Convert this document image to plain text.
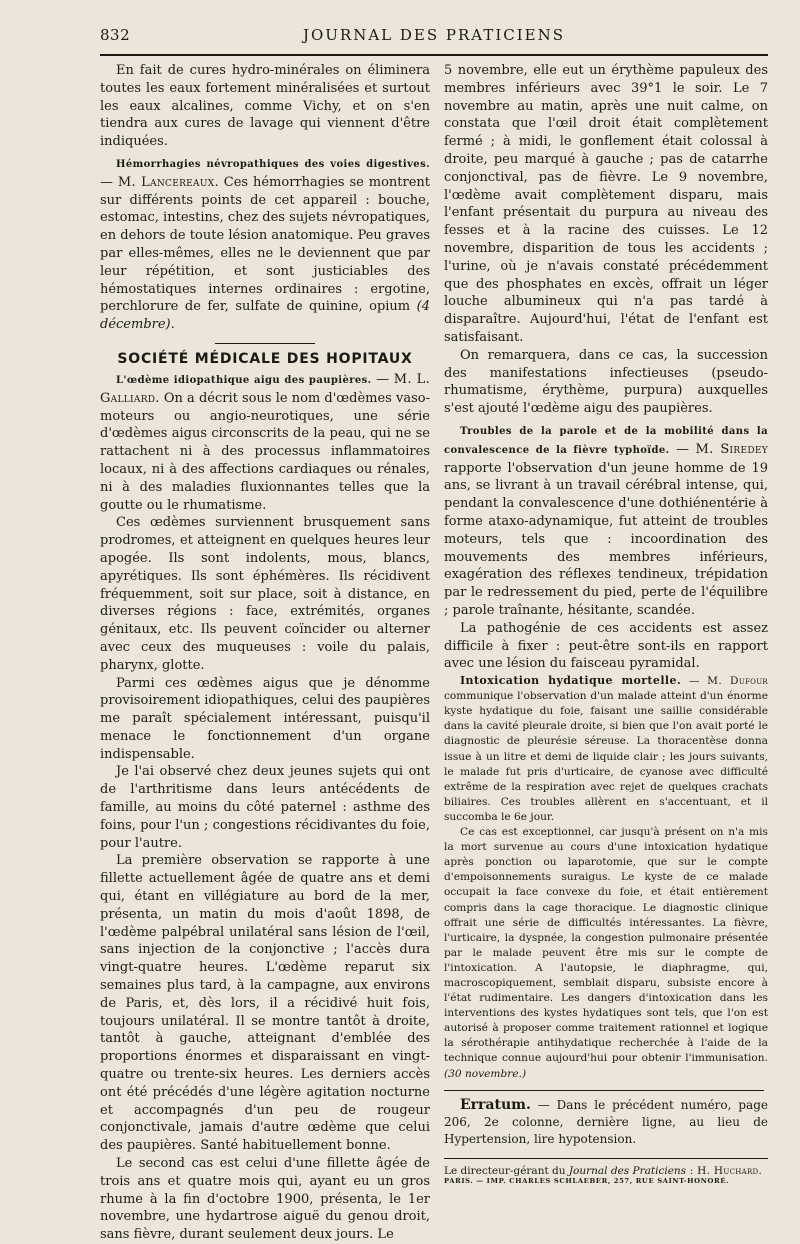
832	JOURNAL DES PRATICIENS

En fait de cures hydro-minérales on éliminera toutes les eaux fortement minéralisées et surtout les eaux alcalines, comme Vichy, et on s'en tiendra aux cures de lavage qui viennent d'être indiquées.

Hémorrhagies névropathiques des voies digestives. — M. Lancereaux. Ces hémorrhagies se montrent sur différents points de cet appareil : bouche, estomac, intestins, chez des sujets névropatiques, en dehors de toute lésion anatomique. Peu graves par elles-mêmes, elles ne le deviennent que par leur répétition, et sont justiciables des hémostatiques internes ordinaires : ergotine, perchlorure de fer, sulfate de quinine, opium (4 décembre).

SOCIÉTÉ MÉDICALE DES HOPITAUX

L'œdème idiopathique aigu des paupières. — M. L. Galliard. On a décrit sous le nom d'œdèmes vaso-moteurs ou angio-neurotiques, une série d'œdèmes aigus circonscrits de la peau, qui ne se rattachent ni à des processus inflammatoires locaux, ni à des affections cardiaques ou rénales, ni à des maladies fluxionnantes telles que la goutte ou le rhumatisme.

Ces œdèmes surviennent brusquement sans prodromes, et atteignent en quelques heures leur apogée. Ils sont indolents, mous, blancs, apyrétiques. Ils sont éphémères. Ils récidivent fréquemment, soit sur place, soit à distance, en diverses régions : face, extrémités, organes génitaux, etc. Ils peuvent coïncider ou alterner avec ceux des muqueuses : voile du palais, pharynx, glotte.

Parmi ces œdèmes aigus que je dénomme provisoirement idiopathiques, celui des paupières me paraît spécialement intéressant, puisqu'il menace le fonctionnement d'un organe indispensable.

Je l'ai observé chez deux jeunes sujets qui ont de l'arthritisme dans leurs antécédents de famille, au moins du côté paternel : asthme des foins, pour l'un ; congestions récidivantes du foie, pour l'autre.

La première observation se rapporte à une fillette actuellement âgée de quatre ans et demi qui, étant en villégiature au bord de la mer, présenta, un matin du mois d'août 1898, de l'œdème palpébral unilatéral sans lésion de l'œil, sans injection de la conjonctive ; l'accès dura vingt-quatre heures. L'œdème reparut six semaines plus tard, à la campagne, aux environs de Paris, et, dès lors, il a récidivé huit fois, toujours unilatéral. Il se montre tantôt à droite, tantôt à gauche, atteignant d'emblée des proportions énormes et disparaissant en vingt-quatre ou trente-six heures. Les derniers accès ont été précédés d'une légère agitation nocturne et accompagnés d'un peu de rougeur conjonctivale, jamais d'autre œdème que celui des paupières. Santé habituellement bonne.

Le second cas est celui d'une fillette âgée de trois ans et quatre mois qui, ayant eu un gros rhume à la fin d'octobre 1900, présenta, le 1er novembre, une hydartrose aiguë du genou droit, sans fièvre, durant seulement deux jours. Le

5 novembre, elle eut un érythème papuleux des membres inférieurs avec 39°1 le soir. Le 7 novembre au matin, après une nuit calme, on constata que l'œil droit était complètement fermé ; à midi, le gonflement était colossal à droite, peu marqué à gauche ; pas de catarrhe conjonctival, pas de fièvre. Le 9 novembre, l'œdème avait complètement disparu, mais l'enfant présentait du purpura au niveau des fesses et à la racine des cuisses. Le 12 novembre, disparition de tous les accidents ; l'urine, où je n'avais constaté précédemment que des phosphates en excès, offrait un léger louche albumineux qui n'a pas tardé à disparaître. Aujourd'hui, l'état de l'enfant est satisfaisant.

On remarquera, dans ce cas, la succession des manifestations infectieuses (pseudo-rhumatisme, érythème, purpura) auxquelles s'est ajouté l'œdème aigu des paupières.

Troubles de la parole et de la mobilité dans la convalescence de la fièvre typhoïde. — M. Siredey rapporte l'observation d'un jeune homme de 19 ans, se livrant à un travail cérébral intense, qui, pendant la convalescence d'une dothiénentérie à forme ataxo-adynamique, fut atteint de troubles moteurs, tels que : incoordination des mouvements des membres inférieurs, exagération des réflexes tendineux, trépidation par le redressement du pied, perte de l'équilibre ; parole traînante, hésitante, scandée.

La pathogénie de ces accidents est assez difficile à fixer : peut-être sont-ils en rapport avec une lésion du faisceau pyramidal.

Intoxication hydatique mortelle. — M. Dufour communique l'observation d'un malade atteint d'un énorme kyste hydatique du foie, faisant une saillie considérable dans la cavité pleurale droite, si bien que l'on avait porté le diagnostic de pleurésie séreuse. La thoracentèse donna issue à un litre et demi de liquide clair ; les jours suivants, le malade fut pris d'urticaire, de cyanose avec difficulté extrême de la respiration avec rejet de quelques crachats biliaires. Ces troubles allèrent en s'accentuant, et il succomba le 6e jour.

Ce cas est exceptionnel, car jusqu'à présent on n'a mis la mort survenue au cours d'une intoxication hydatique après ponction ou laparotomie, que sur le compte d'empoisonnements suraigus. Le kyste de ce malade occupait la face convexe du foie, et était entièrement compris dans la cage thoracique. Le diagnostic clinique offrait une série de difficultés intéressantes. La fièvre, l'urticaire, la dyspnée, la congestion pulmonaire présentée par le malade peuvent être mis sur le compte de l'intoxication. A l'autopsie, le diaphragme, qui, macroscopiquement, semblait disparu, subsiste encore à l'état rudimentaire. Les dangers d'intoxication dans les interventions des kystes hydatiques sont tels, que l'on est autorisé à proposer comme traitement rationnel et logique la sérothérapie antihydatique recherchée à l'aide de la technique connue aujourd'hui pour obtenir l'immunisation. (30 novembre.)

Erratum. — Dans le précédent numéro, page 206, 2e colonne, dernière ligne, au lieu de Hypertension, lire hypotension.

Le directeur-gérant du Journal des Praticiens : H. Huchard.

PARIS. — IMP. CHARLES SCHLAEBER, 257, RUE SAINT-HONORÉ.
